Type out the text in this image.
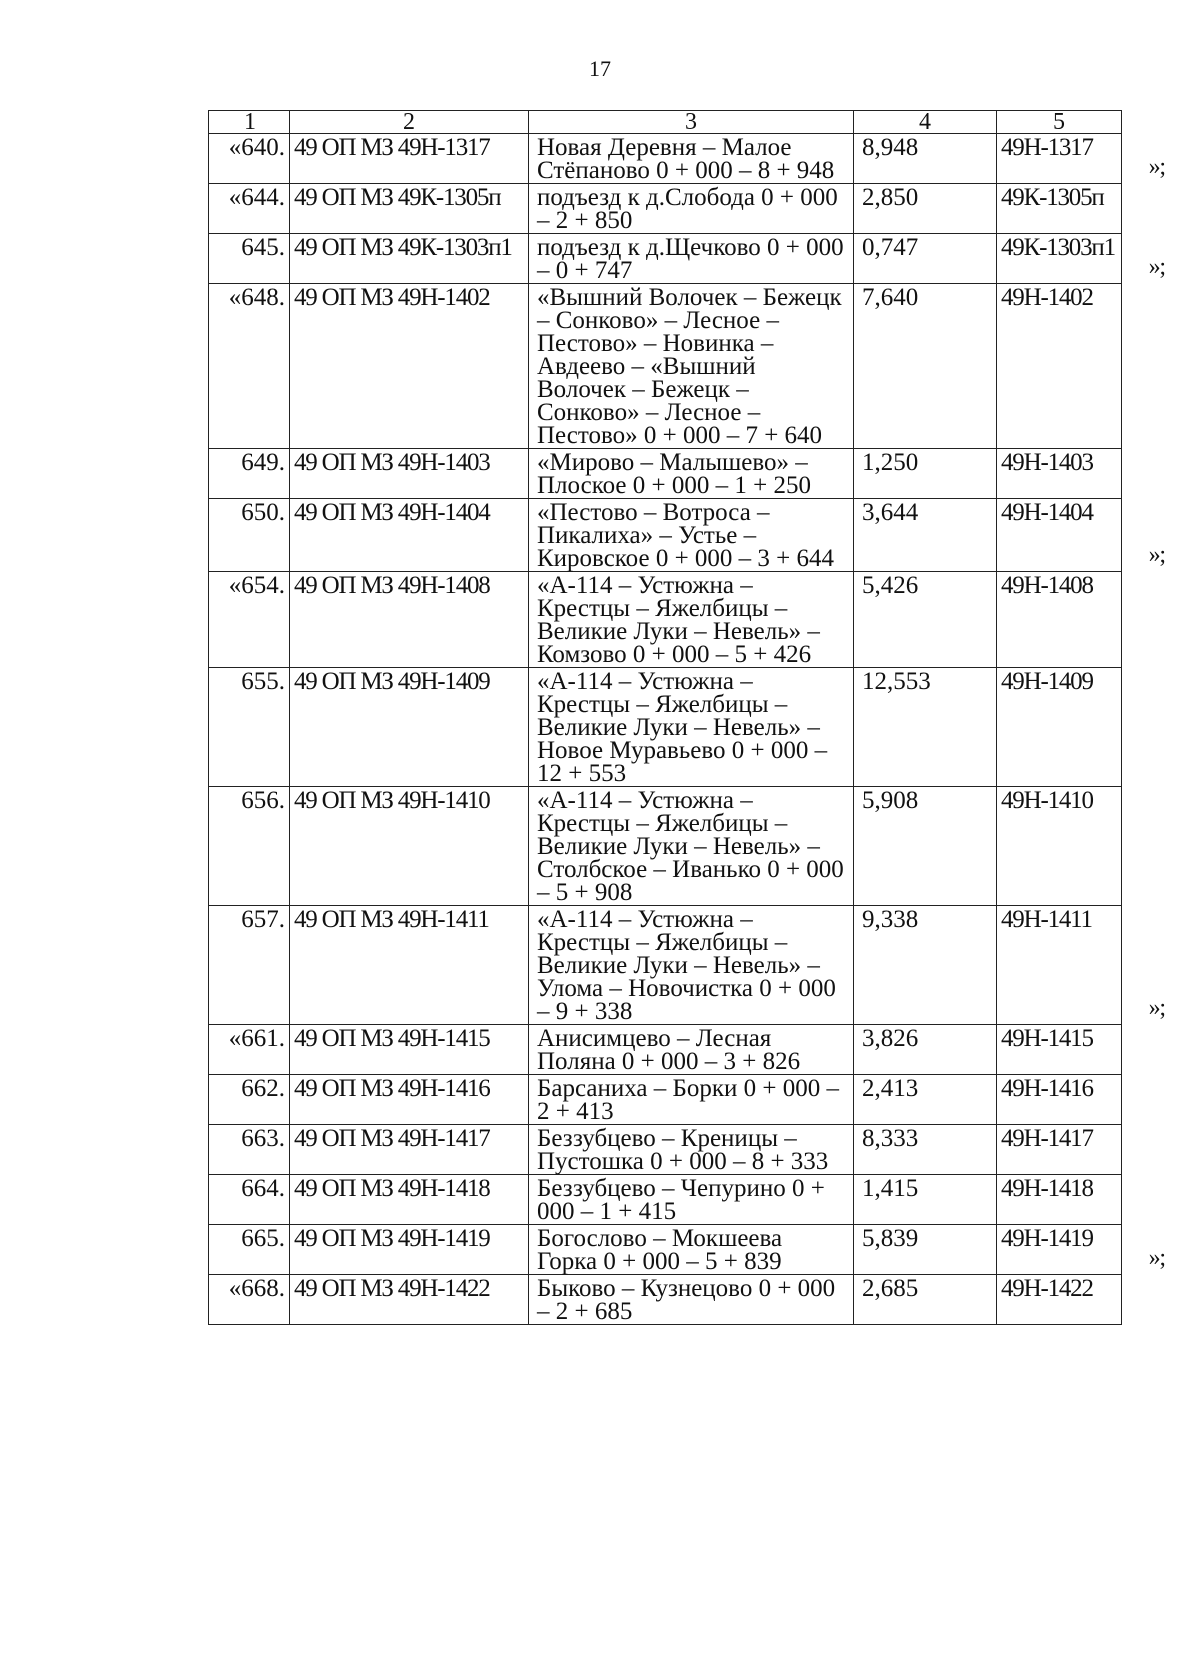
17
1	2	3	4	5
«640.	49 ОП МЗ 49Н-1317	Новая Деревня – Малое Стёпаново 0 + 000 – 8 + 948	8,948	49Н-1317
»;

«644.	49 ОП МЗ 49К-1305п	подъезд к д.Слобода 0 + 000 – 2 + 850	2,850	49К-1305п
645.	49 ОП МЗ 49К-1303п1	подъезд к д.Щечково 0 + 000 – 0 + 747	0,747	49К-1303п1
»;

«648.	49 ОП МЗ 49Н-1402	«Вышний Волочек – Бежецк – Сонково» – Лесное – Пестово» – Новинка – Авдеево – «Вышний Волочек – Бежецк – Сонково» – Лесное – Пестово» 0 + 000 – 7 + 640	7,640	49Н-1402
649.	49 ОП МЗ 49Н-1403	«Мирово – Малышево» – Плоское 0 + 000 – 1 + 250	1,250	49Н-1403
650.	49 ОП МЗ 49Н-1404	«Пестово – Вотроса – Пикалиха» – Устье – Кировское 0 + 000 – 3 + 644	3,644	49Н-1404
»;

«654.	49 ОП МЗ 49Н-1408	«А-114 – Устюжна – Крестцы – Яжелбицы – Великие Луки – Невель» – Комзово 0 + 000 – 5 + 426	5,426	49Н-1408
655.	49 ОП МЗ 49Н-1409	«А-114 – Устюжна – Крестцы – Яжелбицы – Великие Луки – Невель» – Новое Муравьево 0 + 000 – 12 + 553	12,553	49Н-1409
656.	49 ОП МЗ 49Н-1410	«А-114 – Устюжна – Крестцы – Яжелбицы – Великие Луки – Невель» – Столбское – Иванько 0 + 000 – 5 + 908	5,908	49Н-1410
657.	49 ОП МЗ 49Н-1411	«А-114 – Устюжна – Крестцы – Яжелбицы – Великие Луки – Невель» – Улома – Новочистка 0 + 000 – 9 + 338	9,338	49Н-1411
»;

«661.	49 ОП МЗ 49Н-1415	Анисимцево – Лесная Поляна 0 + 000 – 3 + 826	3,826	49Н-1415
662.	49 ОП МЗ 49Н-1416	Барсаниха – Борки 0 + 000 – 2 + 413	2,413	49Н-1416
663.	49 ОП МЗ 49Н-1417	Беззубцево – Креницы – Пустошка 0 + 000 – 8 + 333	8,333	49Н-1417
664.	49 ОП МЗ 49Н-1418	Беззубцево – Чепурино 0 + 000 – 1 + 415	1,415	49Н-1418
665.	49 ОП МЗ 49Н-1419	Богослово – Мокшеева Горка 0 + 000 – 5 + 839	5,839	49Н-1419
»;

«668.	49 ОП МЗ 49Н-1422	Быково – Кузнецово 0 + 000 – 2 + 685	2,685	49Н-1422
